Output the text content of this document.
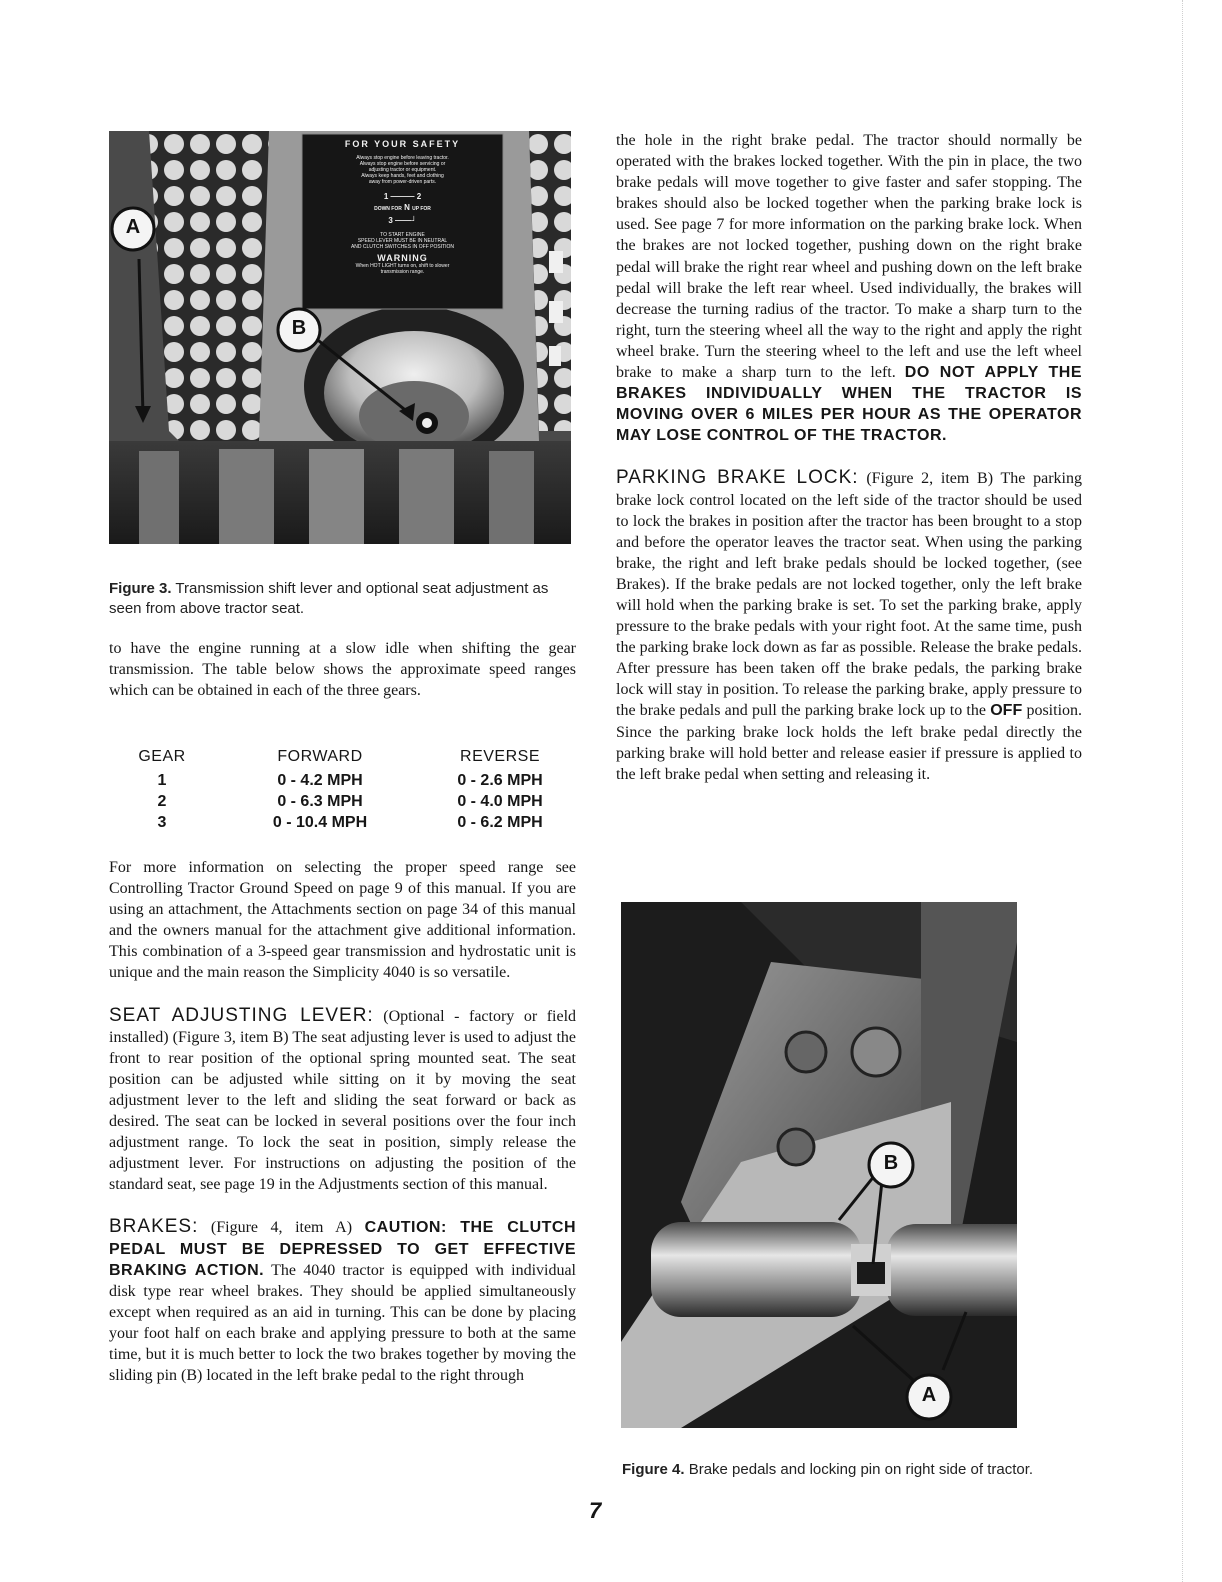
FOR YOUR SAFETY
Always stop engine before leaving tractor.
Always stop engine before servicing or
adjusting tractor or equipment.
Always keep hands, feet and clothing
away from power-driven parts.
1 ——— 2
DOWN FOR N UP FOR
3 ——┘
TO START ENGINE
SPEED LEVER MUST BE IN NEUTRAL
AND CLUTCH SWITCHES IN OFF POSITION
WARNING
When HOT LIGHT turns on, shift to slower
transmission range.
A
B
Figure 3. Transmission shift lever and optional seat adjustment as seen from above tractor seat.

to have the engine running at a slow idle when shifting the gear transmission. The table below shows the approximate speed ranges which can be obtained in each of the three gears.

GEAR	FORWARD	REVERSE
1	0 - 4.2 MPH	0 - 2.6 MPH
2	0 - 6.3 MPH	0 - 4.0 MPH
3	0 - 10.4 MPH	0 - 6.2 MPH

For more information on selecting the proper speed range see Controlling Tractor Ground Speed on page 9 of this manual. If you are using an attachment, the Attachments section on page 34 of this manual and the owners manual for the attachment give additional information. This combination of a 3-speed gear transmission and hydrostatic unit is unique and the main reason the Simplicity 4040 is so versatile.

SEAT ADJUSTING LEVER: (Optional - factory or field installed) (Figure 3, item B) The seat adjusting lever is used to adjust the front to rear position of the optional spring mounted seat. The seat position can be adjusted while sitting on it by moving the seat adjustment lever to the left and sliding the seat forward or back as desired. The seat can be locked in several positions over the four inch adjustment range. To lock the seat in position, simply release the adjustment lever. For instructions on adjusting the position of the standard seat, see page 19 in the Adjustments section of this manual.

BRAKES: (Figure 4, item A) CAUTION: THE CLUTCH PEDAL MUST BE DEPRESSED TO GET EFFECTIVE BRAKING ACTION. The 4040 tractor is equipped with individual disk type rear wheel brakes. They should be applied simultaneously except when required as an aid in turning. This can be done by placing your foot half on each brake and applying pressure to both at the same time, but it is much better to lock the two brakes together by moving the sliding pin (B) located in the left brake pedal to the right through

the hole in the right brake pedal. The tractor should normally be operated with the brakes locked together. With the pin in place, the two brake pedals will move together to give faster and safer stopping. The brakes should also be locked together when the parking brake lock is used. See page 7 for more information on the parking brake lock. When the brakes are not locked together, pushing down on the right brake pedal will brake the right rear wheel and pushing down on the left brake pedal will brake the left rear wheel. Used individually, the brakes will decrease the turning radius of the tractor. To make a sharp turn to the right, turn the steering wheel all the way to the right and apply the right wheel brake. Turn the steering wheel to the left and use the left wheel brake to make a sharp turn to the left. DO NOT APPLY THE BRAKES INDIVIDUALLY WHEN THE TRACTOR IS MOVING OVER 6 MILES PER HOUR AS THE OPERATOR MAY LOSE CONTROL OF THE TRACTOR.

PARKING BRAKE LOCK: (Figure 2, item B) The parking brake lock control located on the left side of the tractor should be used to lock the brakes in position after the tractor has been brought to a stop and before the operator leaves the tractor seat. When using the parking brake, the right and left brake pedals should be locked together, (see Brakes). If the brake pedals are not locked together, only the left brake will hold when the parking brake is set. To set the parking brake, apply pressure to the brake pedals with your right foot. At the same time, push the parking brake lock down as far as possible. Release the brake pedals. After pressure has been taken off the brake pedals, the parking brake lock will stay in position. To release the parking brake, apply pressure to the brake pedals and pull the parking brake lock up to the OFF position. Since the parking brake lock holds the left brake pedal directly the parking brake will hold better and release easier if pressure is applied to the left brake pedal when setting and releasing it.

B
A
Figure 4. Brake pedals and locking pin on right side of tractor.
7
